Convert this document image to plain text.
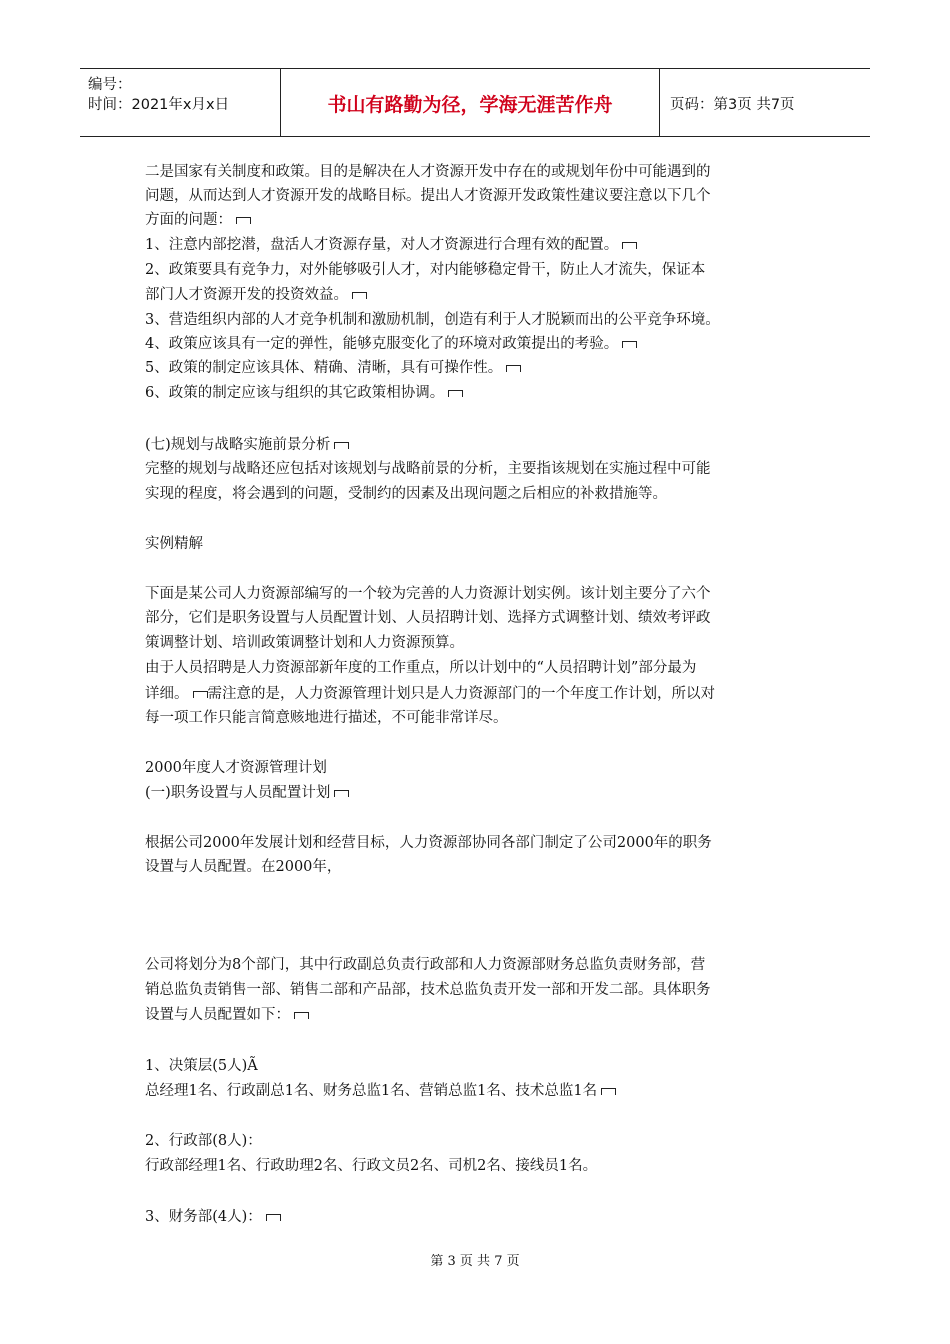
编号：
时间：2021年x月x日	书山有路勤为径，学海无涯苦作舟	页码：第3页 共7页
二是国家有关制度和政策。目的是解决在人才资源开发中存在的或规划年份中可能遇到的
问题，从而达到人才资源开发的战略目标。提出人才资源开发政策性建议要注意以下几个
方面的问题：
1、注意内部挖潜，盘活人才资源存量，对人才资源进行合理有效的配置。
2、政策要具有竞争力，对外能够吸引人才，对内能够稳定骨干，防止人才流失，保证本
部门人才资源开发的投资效益。
3、营造组织内部的人才竞争机制和激励机制，创造有利于人才脱颖而出的公平竞争环境。
4、政策应该具有一定的弹性，能够克服变化了的环境对政策提出的考验。
5、政策的制定应该具体、精确、清晰，具有可操作性。
6、政策的制定应该与组织的其它政策相协调。
(七)规划与战略实施前景分析
完整的规划与战略还应包括对该规划与战略前景的分析，主要指该规划在实施过程中可能
实现的程度，将会遇到的问题，受制约的因素及出现问题之后相应的补救措施等。
实例精解
下面是某公司人力资源部编写的一个较为完善的人力资源计划实例。该计划主要分了六个
部分，它们是职务设置与人员配置计划、人员招聘计划、选择方式调整计划、绩效考评政
策调整计划、培训政策调整计划和人力资源预算。
由于人员招聘是人力资源部新年度的工作重点，所以计划中的“人员招聘计划”部分最为
详细。 需注意的是，人力资源管理计划只是人力资源部门的一个年度工作计划，所以对
每一项工作只能言简意赅地进行描述，不可能非常详尽。
2000年度人才资源管理计划
(一)职务设置与人员配置计划
根据公司2000年发展计划和经营目标，人力资源部协同各部门制定了公司2000年的职务
设置与人员配置。在2000年，
公司将划分为8个部门，其中行政副总负责行政部和人力资源部财务总监负责财务部，营
销总监负责销售一部、销售二部和产品部，技术总监负责开发一部和开发二部。具体职务
设置与人员配置如下：
1、决策层(5人)Ã
总经理1名、行政副总1名、财务总监1名、营销总监1名、技术总监1名
2、行政部(8人)：
行政部经理1名、行政助理2名、行政文员2名、司机2名、接线员1名。
3、财务部(4人)：
第 3 页 共 7 页
